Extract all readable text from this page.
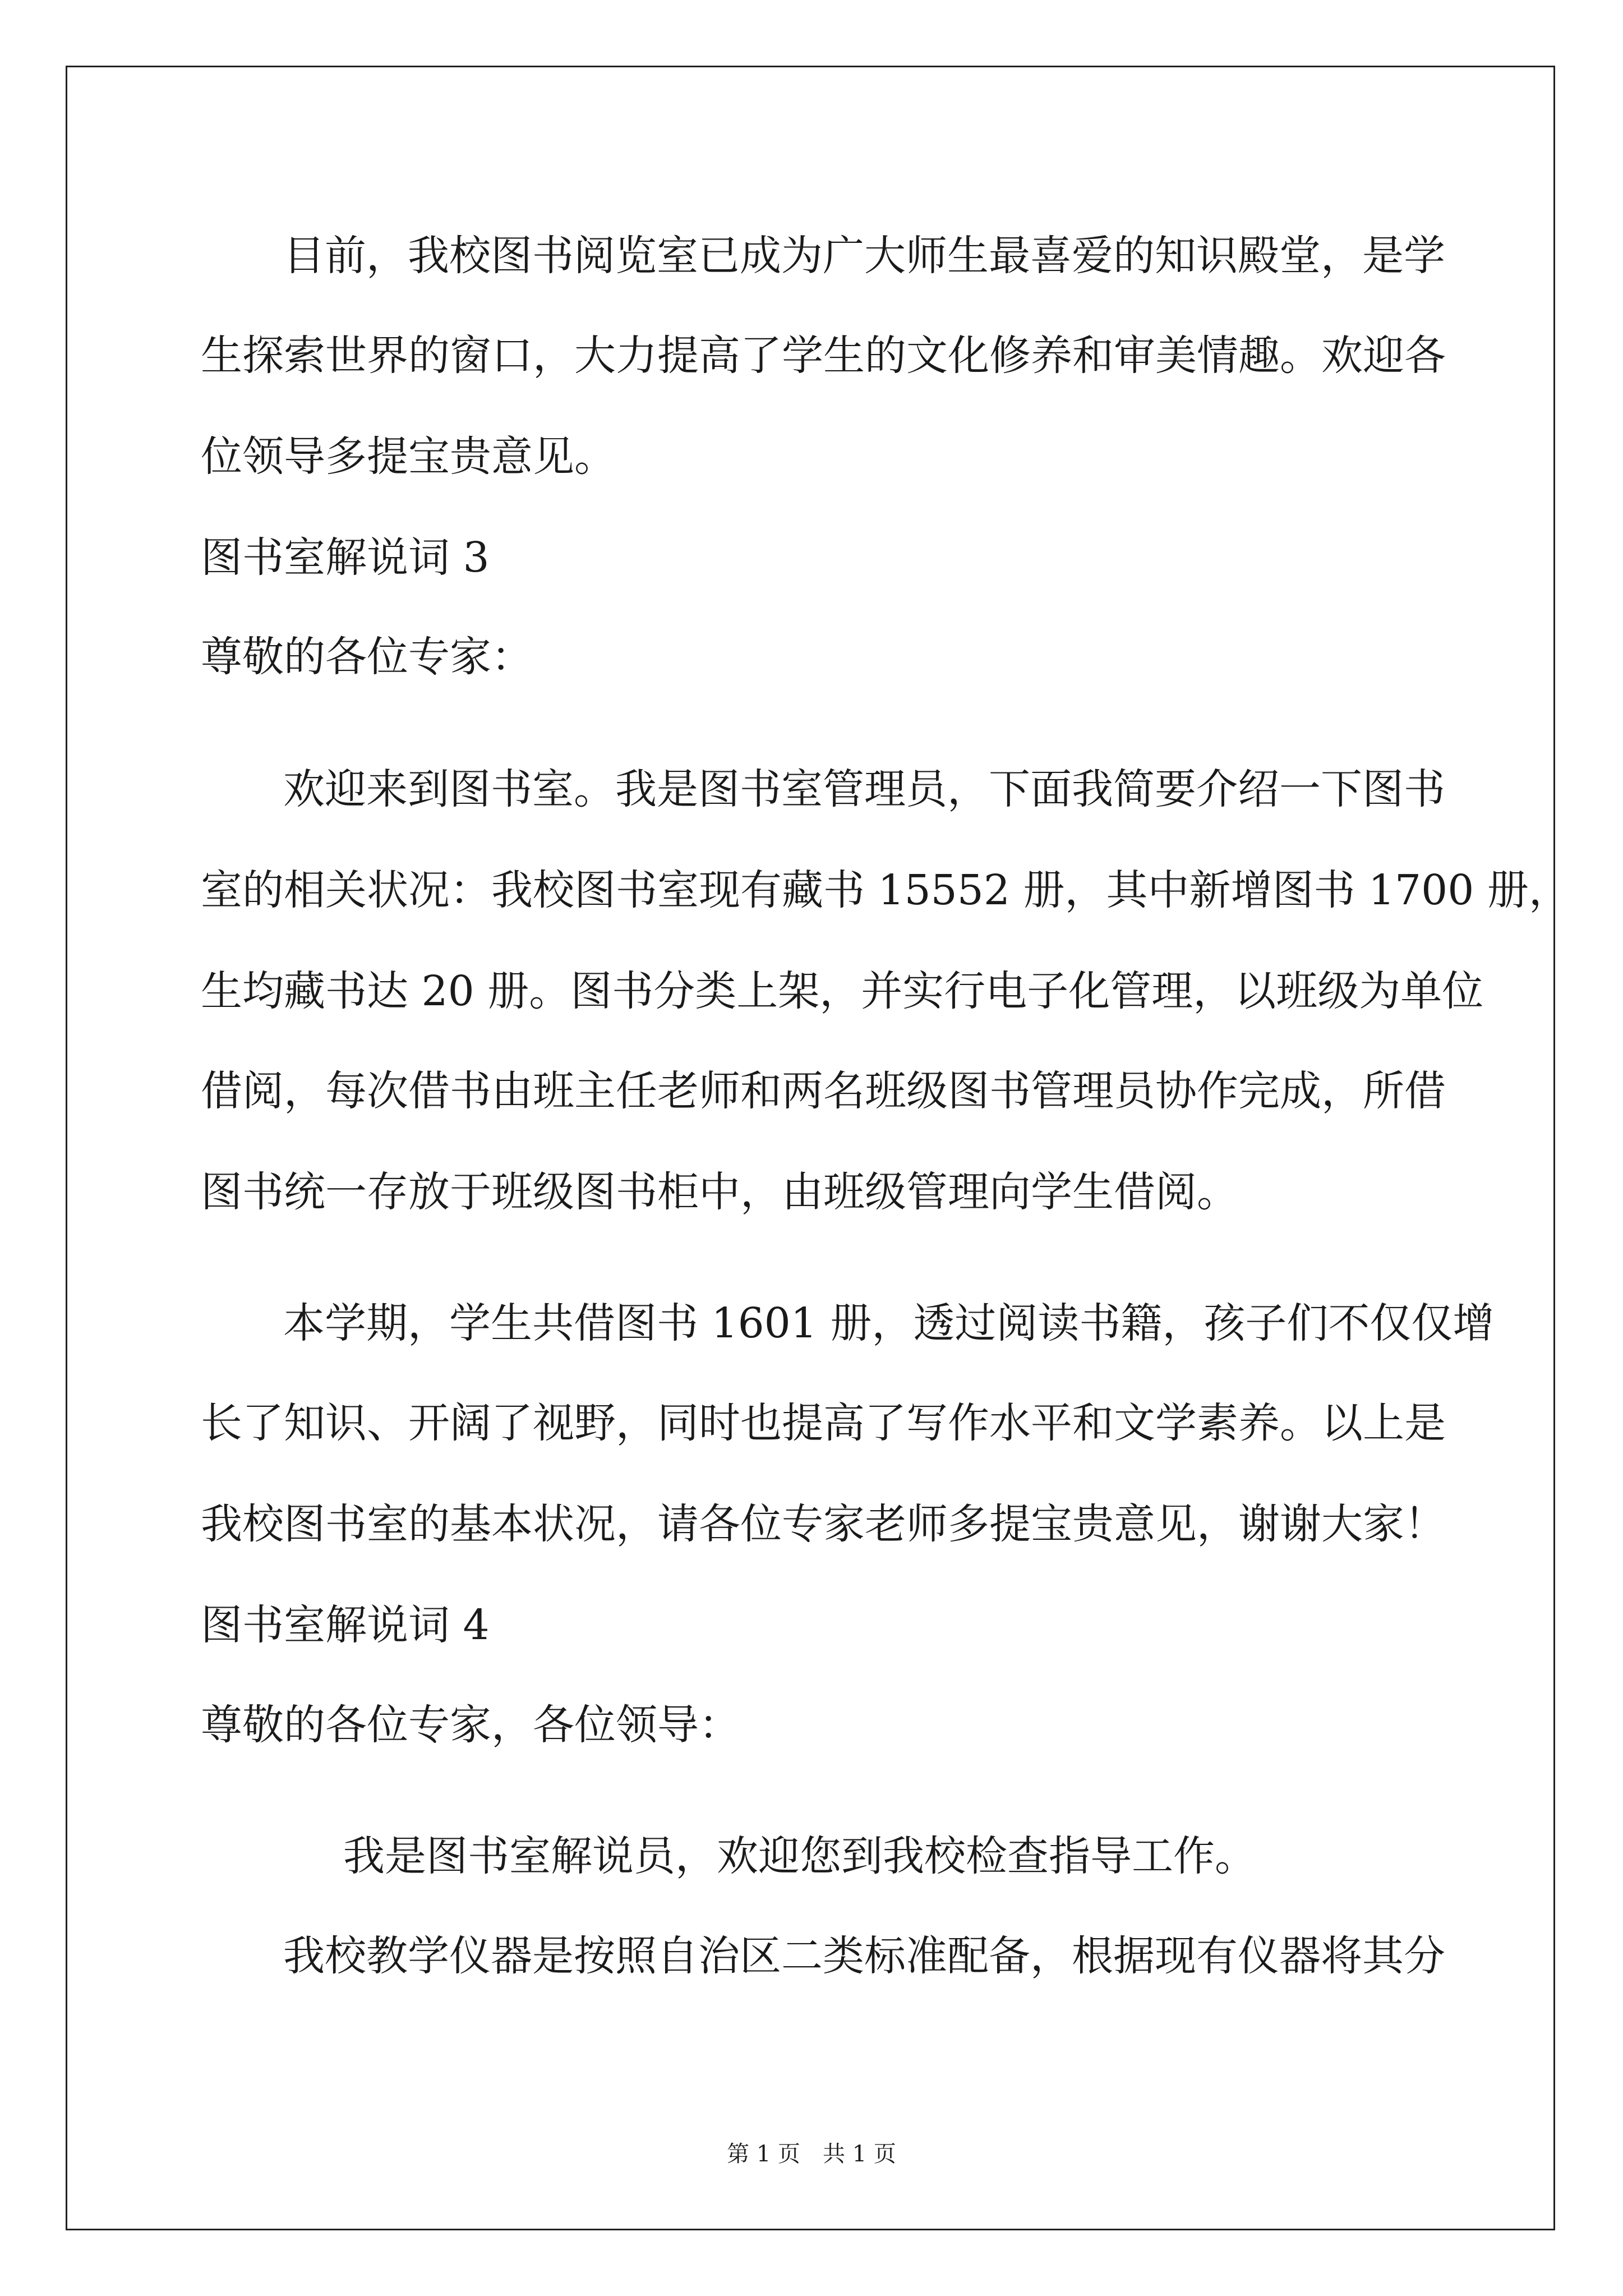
目前，我校图书阅览室已成为广大师生最喜爱的知识殿堂，是学

生探索世界的窗口，大力提高了学生的文化修养和审美情趣。欢迎各

位领导多提宝贵意见。

图书室解说词 3

尊敬的各位专家：

欢迎来到图书室。我是图书室管理员，下面我简要介绍一下图书

室的相关状况：我校图书室现有藏书 15552 册，其中新增图书 1700 册，

生均藏书达 20 册。图书分类上架，并实行电子化管理，以班级为单位

借阅，每次借书由班主任老师和两名班级图书管理员协作完成，所借

图书统一存放于班级图书柜中，由班级管理向学生借阅。

本学期，学生共借图书 1601 册，透过阅读书籍，孩子们不仅仅增

长了知识、开阔了视野，同时也提高了写作水平和文学素养。以上是

我校图书室的基本状况，请各位专家老师多提宝贵意见，谢谢大家！

图书室解说词 4

尊敬的各位专家，各位领导：

我是图书室解说员，欢迎您到我校检查指导工作。

我校教学仪器是按照自治区二类标准配备，根据现有仪器将其分

第 1 页　共 1 页
